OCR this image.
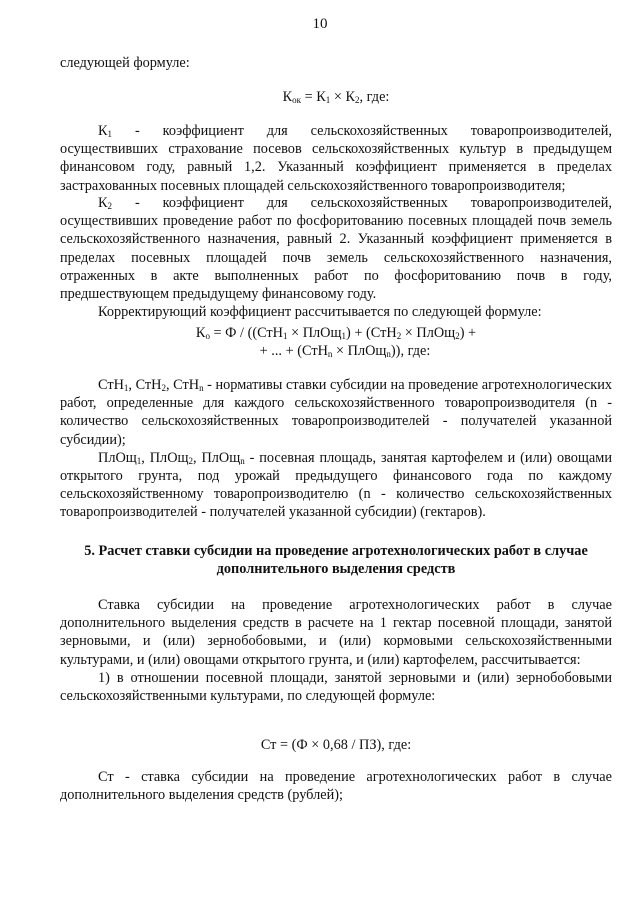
10

следующей формуле:

$К_{ок} = К_1 \times К_2$, где:

$К_1$ - коэффициент для сельскохозяйственных товаропроизводителей, осуществивших страхование посевов сельскохозяйственных культур в предыдущем финансовом году, равный 1,2. Указанный коэффициент применяется в пределах застрахованных посевных площадей сельскохозяйственного товаропроизводителя;

$К_2$ - коэффициент для сельскохозяйственных товаропроизводителей, осуществивших проведение работ по фосфоритованию посевных площадей почв земель сельскохозяйственного назначения, равный 2. Указанный коэффициент применяется в пределах посевных площадей почв земель сельскохозяйственного назначения, отраженных в акте выполненных работ по фосфоритованию почв в году, предшествующем предыдущему финансовому году.

Корректирующий коэффициент рассчитывается по следующей формуле:

$К_о = Ф / ((СтН_1$ × ПлОщ$_1$) + (СтН$_2$ × ПлОщ$_2$) +

+ ... + (СтН$_n$ × ПлОщ$_n$)), где:

СтН$_1$, СтН$_2$, СтН$_n$ - нормативы ставки субсидии на проведение агротехнологических работ, определенные для каждого сельскохозяйственного товаропроизводителя (n - количество сельскохозяйственных товаропроизводителей - получателей указанной субсидии);

ПлОщ$_1$, ПлОщ$_2$, ПлОщ$_n$ - посевная площадь, занятая картофелем и (или) овощами открытого грунта, под урожай предыдущего финансового года по каждому сельскохозяйственному товаропроизводителю (n - количество сельскохозяйственных товаропроизводителей - получателей указанной субсидии) (гектаров).

5. Расчет ставки субсидии на проведение агротехнологических работ в случае дополнительного выделения средств

Ставка субсидии на проведение агротехнологических работ в случае дополнительного выделения средств в расчете на 1 гектар посевной площади, занятой зерновыми, и (или) зернобобовыми, и (или) кормовыми сельскохозяйственными культурами, и (или) овощами открытого грунта, и (или) картофелем, рассчитывается:

1) в отношении посевной площади, занятой зерновыми и (или) зернобобовыми сельскохозяйственными культурами, по следующей формуле:

Ст = (Ф × 0,68 / ПЗ), где:

Ст - ставка субсидии на проведение агротехнологических работ в случае дополнительного выделения средств (рублей);
